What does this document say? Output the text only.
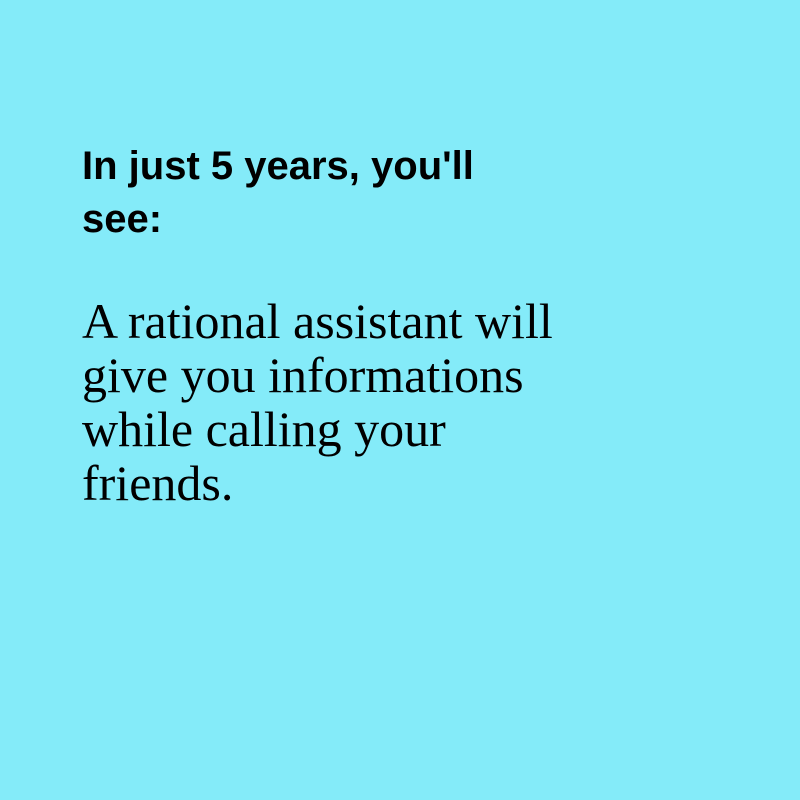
In just 5 years, you'll
see:

A rational assistant will
give you informations
while calling your
friends.
